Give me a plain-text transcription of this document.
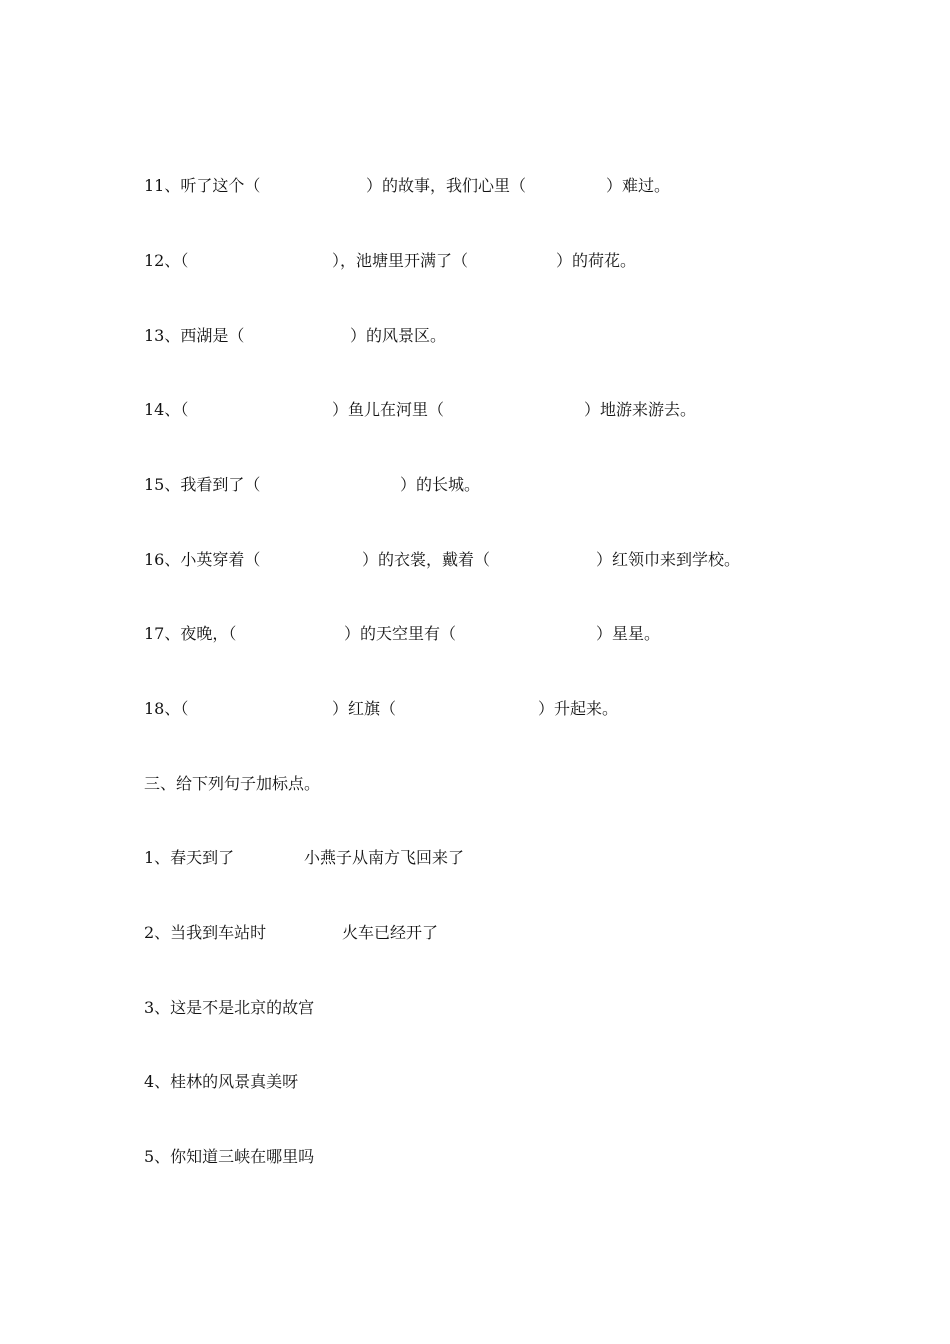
11、听了这个（	）的故事，我们心里（	）难过。
12、（	），池塘里开满了（	）的荷花。
13、西湖是（	）的风景区。
14、（	）鱼儿在河里（	）地游来游去。
15、我看到了（	）的长城。
16、小英穿着（	）的衣裳，戴着（	）红领巾来到学校。
17、夜晚，（	）的天空里有（	）星星。
18、（	）红旗（	）升起来。
三、给下列句子加标点。
1、春天到了	小燕子从南方飞回来了
2、当我到车站时	火车已经开了
3、这是不是北京的故宫
4、桂林的风景真美呀
5、你知道三峡在哪里吗
